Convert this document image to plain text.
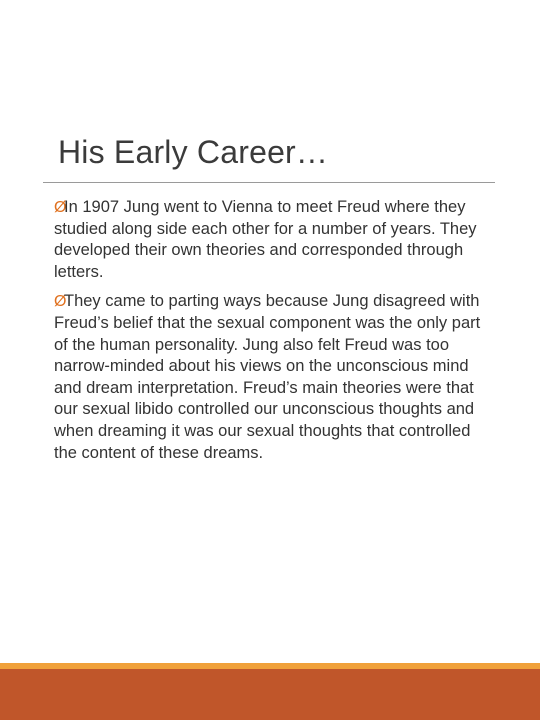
His Early Career…
ØIn 1907 Jung went to Vienna to meet Freud where they studied along side each other for a number of years. They developed their own theories and corresponded through letters.
ØThey came to parting ways because Jung disagreed with Freud’s belief that the sexual component was the only part of the human personality. Jung also felt Freud was too narrow-minded about his views on the unconscious mind and dream interpretation. Freud’s main theories were that our sexual libido controlled our unconscious thoughts and when dreaming it was our sexual thoughts that controlled the content of these dreams.
